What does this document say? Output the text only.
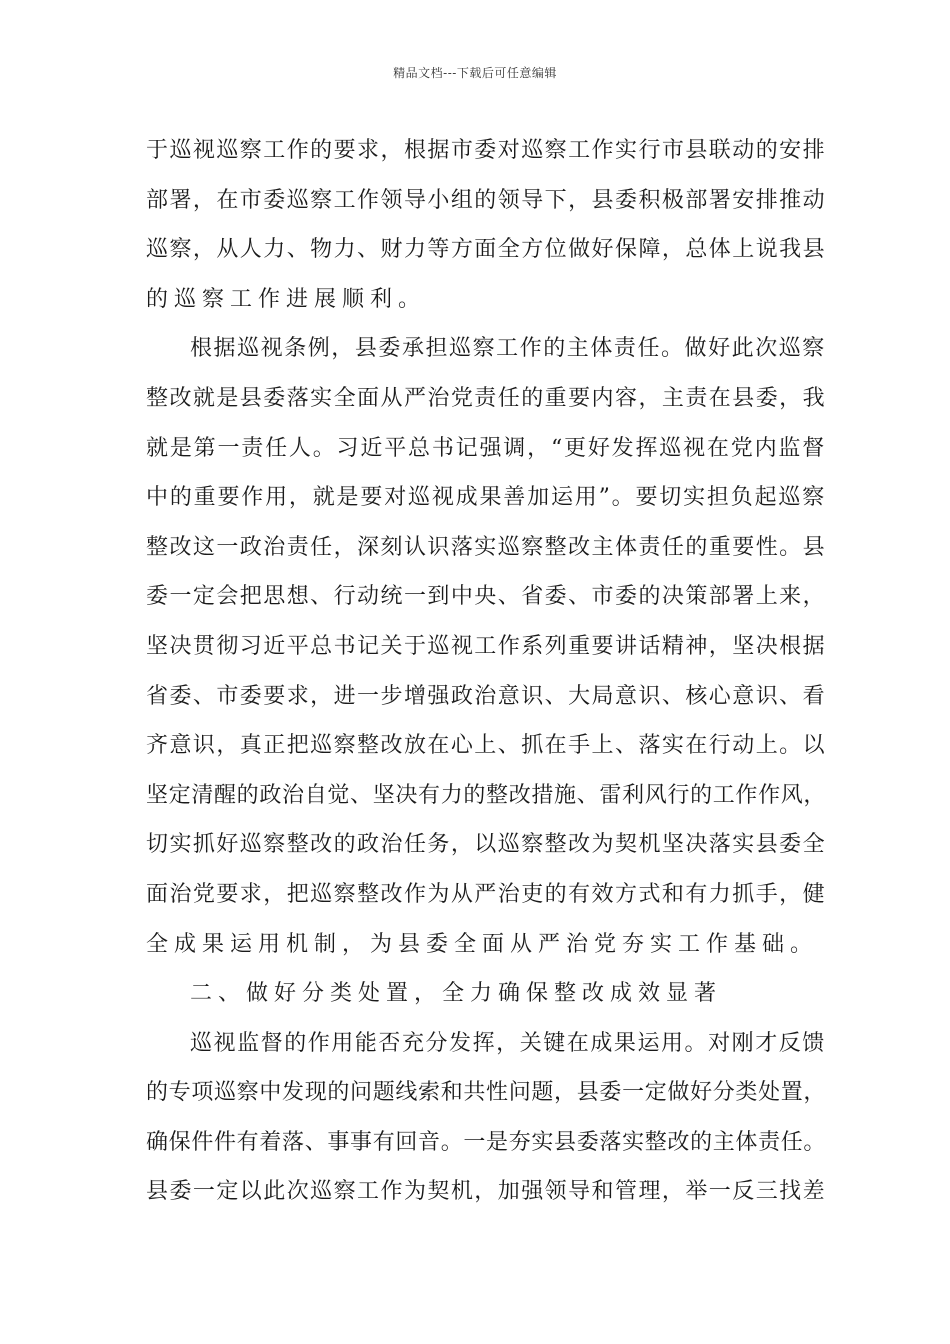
精品文档---下载后可任意编辑
于巡视巡察工作的要求，根据市委对巡察工作实行市县联动的安排
部署，在市委巡察工作领导小组的领导下，县委积极部署安排推动
巡察，从人力、物力、财力等方面全方位做好保障，总体上说我县
的巡察工作进展顺利。
根据巡视条例，县委承担巡察工作的主体责任。做好此次巡察
整改就是县委落实全面从严治党责任的重要内容，主责在县委，我
就是第一责任人。习近平总书记强调，“更好发挥巡视在党内监督
中的重要作用，就是要对巡视成果善加运用”。要切实担负起巡察
整改这一政治责任，深刻认识落实巡察整改主体责任的重要性。县
委一定会把思想、行动统一到中央、省委、市委的决策部署上来，
坚决贯彻习近平总书记关于巡视工作系列重要讲话精神，坚决根据
省委、市委要求，进一步增强政治意识、大局意识、核心意识、看
齐意识，真正把巡察整改放在心上、抓在手上、落实在行动上。以
坚定清醒的政治自觉、坚决有力的整改措施、雷利风行的工作作风，
切实抓好巡察整改的政治任务，以巡察整改为契机坚决落实县委全
面治党要求，把巡察整改作为从严治吏的有效方式和有力抓手，健
全成果运用机制，为县委全面从严治党夯实工作基础。
二、做好分类处置，全力确保整改成效显著
巡视监督的作用能否充分发挥，关键在成果运用。对刚才反馈
的专项巡察中发现的问题线索和共性问题，县委一定做好分类处置，
确保件件有着落、事事有回音。一是夯实县委落实整改的主体责任。
县委一定以此次巡察工作为契机，加强领导和管理，举一反三找差
